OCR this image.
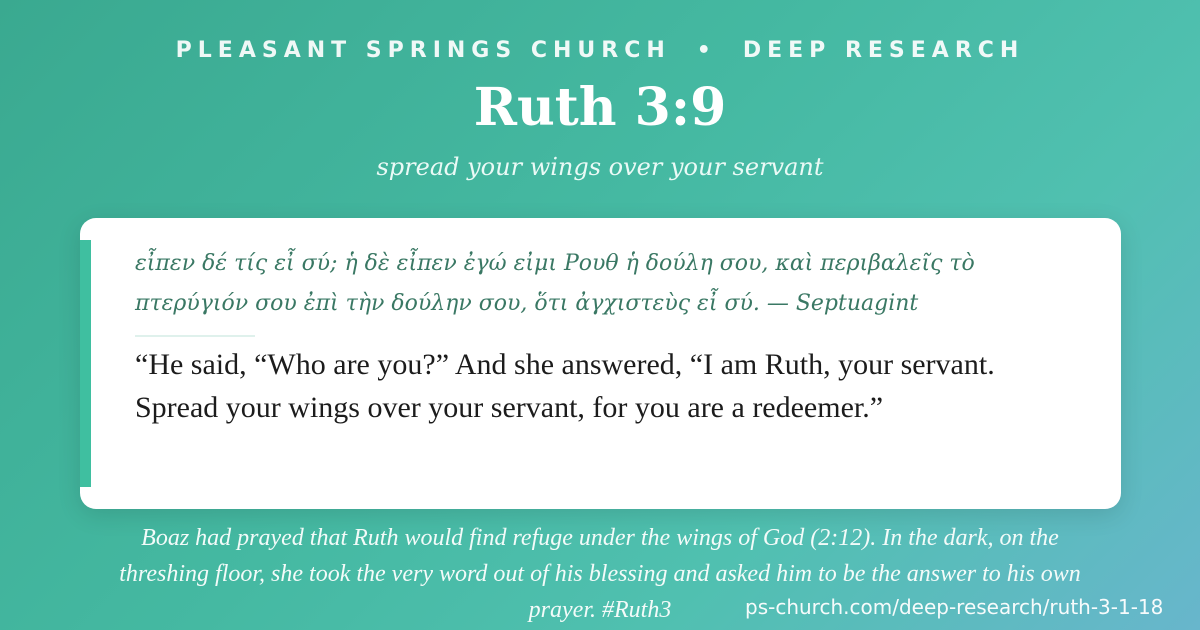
PLEASANT SPRINGS CHURCH • DEEP RESEARCH
Ruth 3:9
spread your wings over your servant
εἶπεν δέ τίς εἶ σύ; ἡ δὲ εἶπεν ἐγώ εἰμι Ρουθ ἡ δούλη σου, καὶ περιβαλεῖς τὸ πτερύγιόν σου ἐπὶ τὴν δούλην σου, ὅτι ἀγχιστεὺς εἶ σύ. — Septuagint
“He said, “Who are you?” And she answered, “I am Ruth, your servant. Spread your wings over your servant, for you are a redeemer.”
Boaz had prayed that Ruth would find refuge under the wings of God (2:12). In the dark, on the threshing floor, she took the very word out of his blessing and asked him to be the answer to his own prayer. #Ruth3	ps-church.com/deep-research/ruth-3-1-18
